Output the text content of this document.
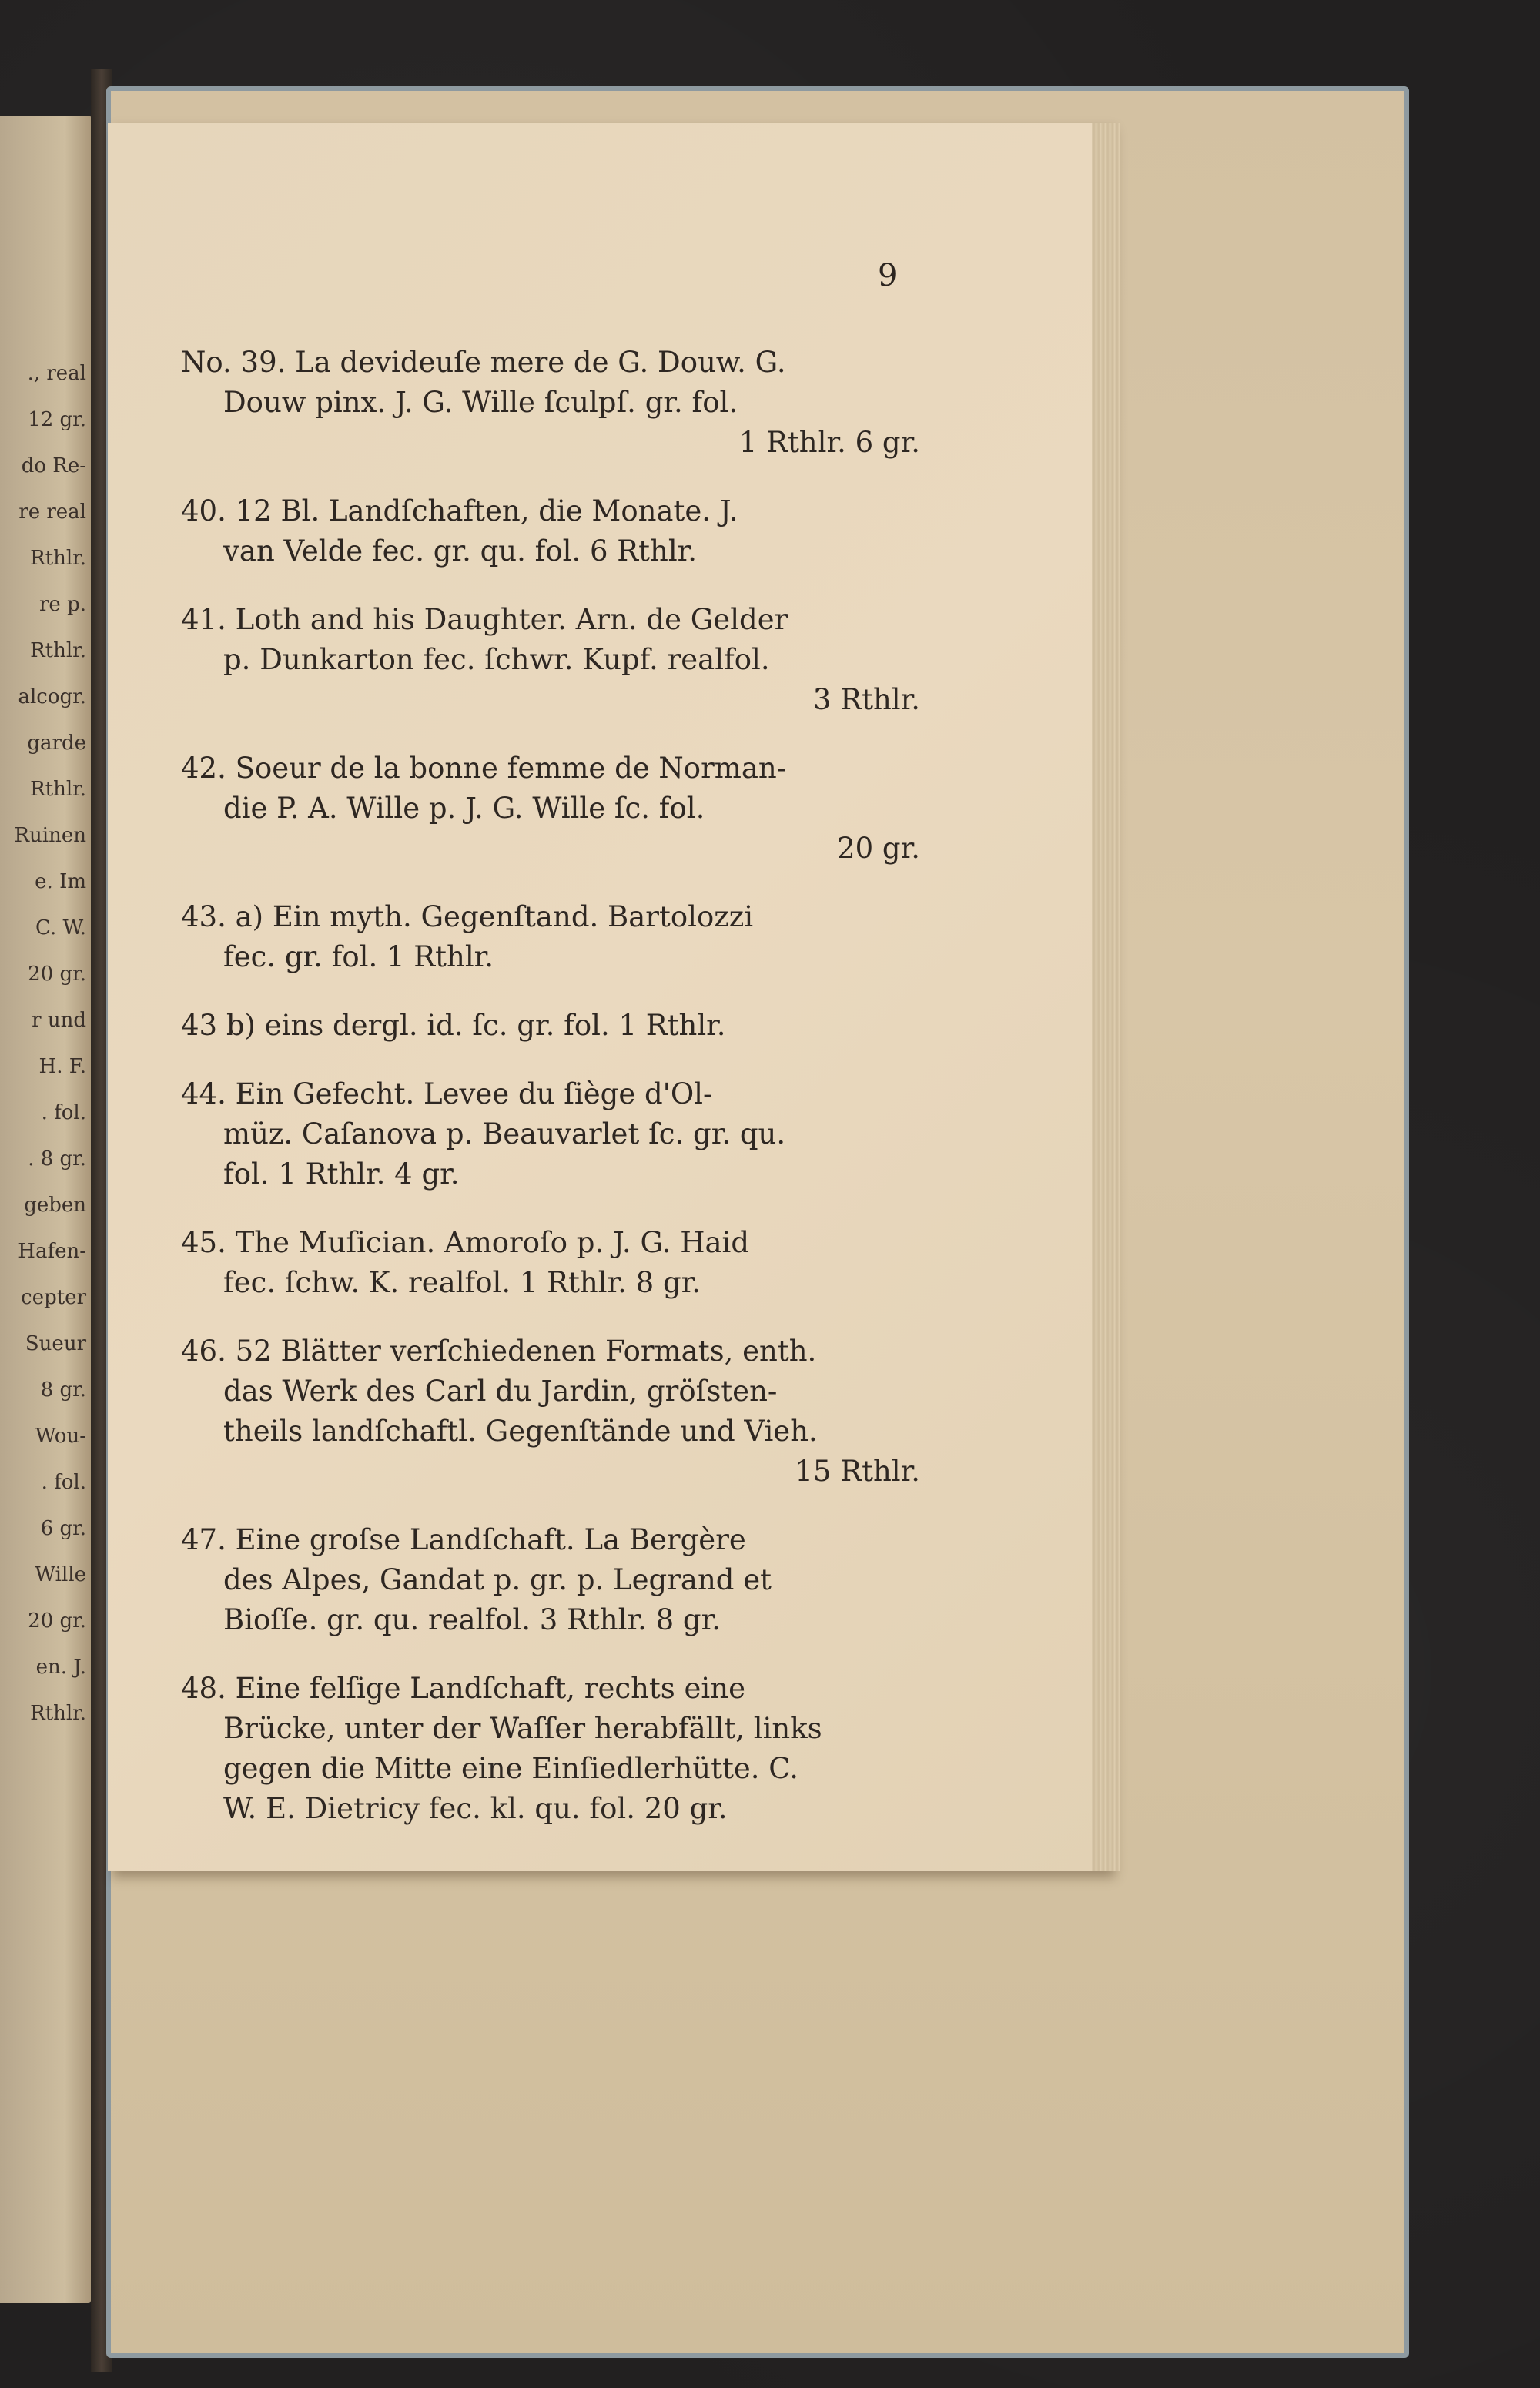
., real
12 gr.
do Re-
re real
Rthlr.
re p.
Rthlr.
alcogr.
garde
Rthlr.
Ruinen
e. Im
C. W.
20 gr.
r und
H. F.
. fol.
. 8 gr.
geben
Hafen-
cepter
Sueur
8 gr.
Wou-
. fol.
6 gr.
Wille
20 gr.
en. J.
Rthlr.
9
No. 39. La devideuſe mere de G. Douw. G.
Douw pinx. J. G. Wille ſculpſ. gr. fol.
1 Rthlr. 6 gr.
40. 12 Bl. Landſchaften, die Monate. J.
van Velde fec. gr. qu. fol. 6 Rthlr.
41. Loth and his Daughter. Arn. de Gelder
p. Dunkarton fec. ſchwr. Kupf. realfol.
3 Rthlr.
42. Soeur de la bonne femme de Norman-
die P. A. Wille p. J. G. Wille ſc. fol.
20 gr.
43. a) Ein myth. Gegenſtand. Bartolozzi
fec. gr. fol. 1 Rthlr.
43 b) eins dergl. id. ſc. gr. fol. 1 Rthlr.
44. Ein Gefecht. Levee du ſiège d'Ol-
müz. Caſanova p. Beauvarlet ſc. gr. qu.
fol. 1 Rthlr. 4 gr.
45. The Muſician. Amoroſo p. J. G. Haid
fec. ſchw. K. realfol. 1 Rthlr. 8 gr.
46. 52 Blätter verſchiedenen Formats, enth.
das Werk des Carl du Jardin, gröſsten-
theils landſchaftl. Gegenſtände und Vieh.
15 Rthlr.
47. Eine groſse Landſchaft. La Bergère
des Alpes, Gandat p. gr. p. Legrand et
Bioſſe. gr. qu. realfol. 3 Rthlr. 8 gr.
48. Eine felſige Landſchaft, rechts eine
Brücke, unter der Waſſer herabfällt, links
gegen die Mitte eine Einſiedlerhütte. C.
W. E. Dietricy fec. kl. qu. fol. 20 gr.
